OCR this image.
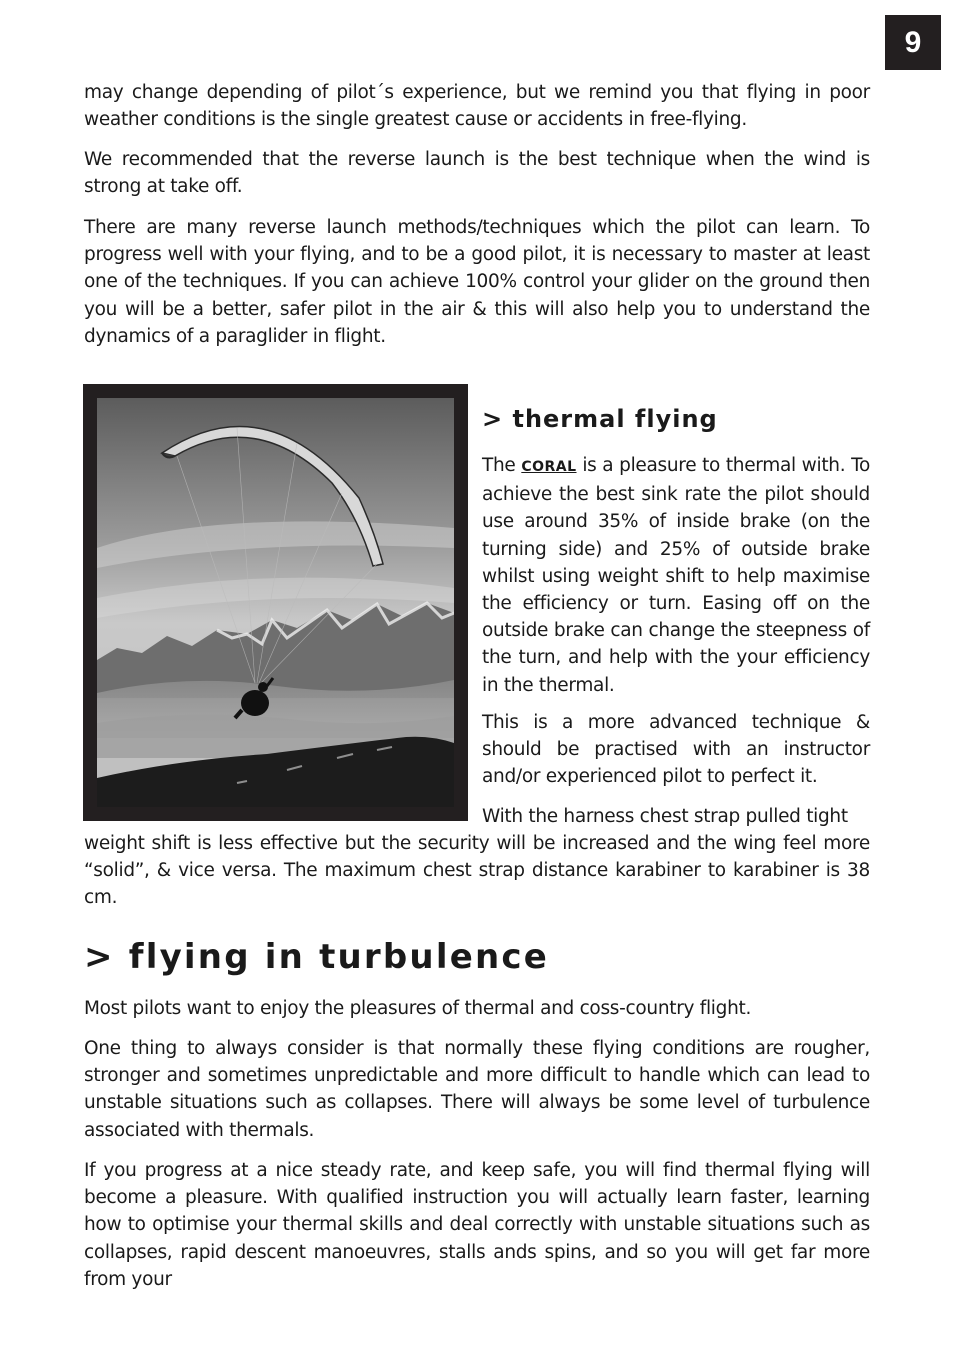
9

may change depending of pilot´s experience, but we remind you that flying in poor weather conditions is the single greatest cause or accidents in free-flying.

We recommended that the reverse launch is the best technique when the wind is strong at take off.

There are many reverse launch methods/techniques which the pilot can learn. To progress well with your flying, and to be a good pilot, it is necessary to master at least one of the techniques. If you can achieve 100% control your glider on the ground then you will be a better, safer pilot in the air & this will also help you to understand the dynamics of a paraglider in flight.

> thermal flying

The CORAL is a pleasure to thermal with. To achieve the best sink rate the pilot should use around 35% of inside brake (on the turning side) and 25% of outside brake whilst using weight shift to help maximise the efficiency or turn. Easing off on the outside brake can change the steepness of the turn, and help with the your efficiency in the thermal.

This is a more advanced technique & should be practised with an instructor and/or experienced pilot to perfect it.

With the harness chest strap pulled tight

weight shift is less effective but the security will be increased and the wing feel more “solid”, & vice versa. The maximum chest strap distance karabiner to karabiner is 38 cm.

> flying in turbulence

Most pilots want to enjoy the pleasures of thermal and coss-country flight.

One thing to always consider is that normally these flying conditions are rougher, stronger and sometimes unpredictable and more difficult to handle which can lead to unstable situations such as collapses. There will always be some level of turbulence associated with thermals.

If you progress at a nice steady rate, and keep safe, you will find thermal flying will become a pleasure. With qualified instruction you will actually learn faster, learning how to optimise your thermal skills and deal correctly with unstable situations such as collapses, rapid descent manoeuvres, stalls ands spins, and so you will get far more from your
